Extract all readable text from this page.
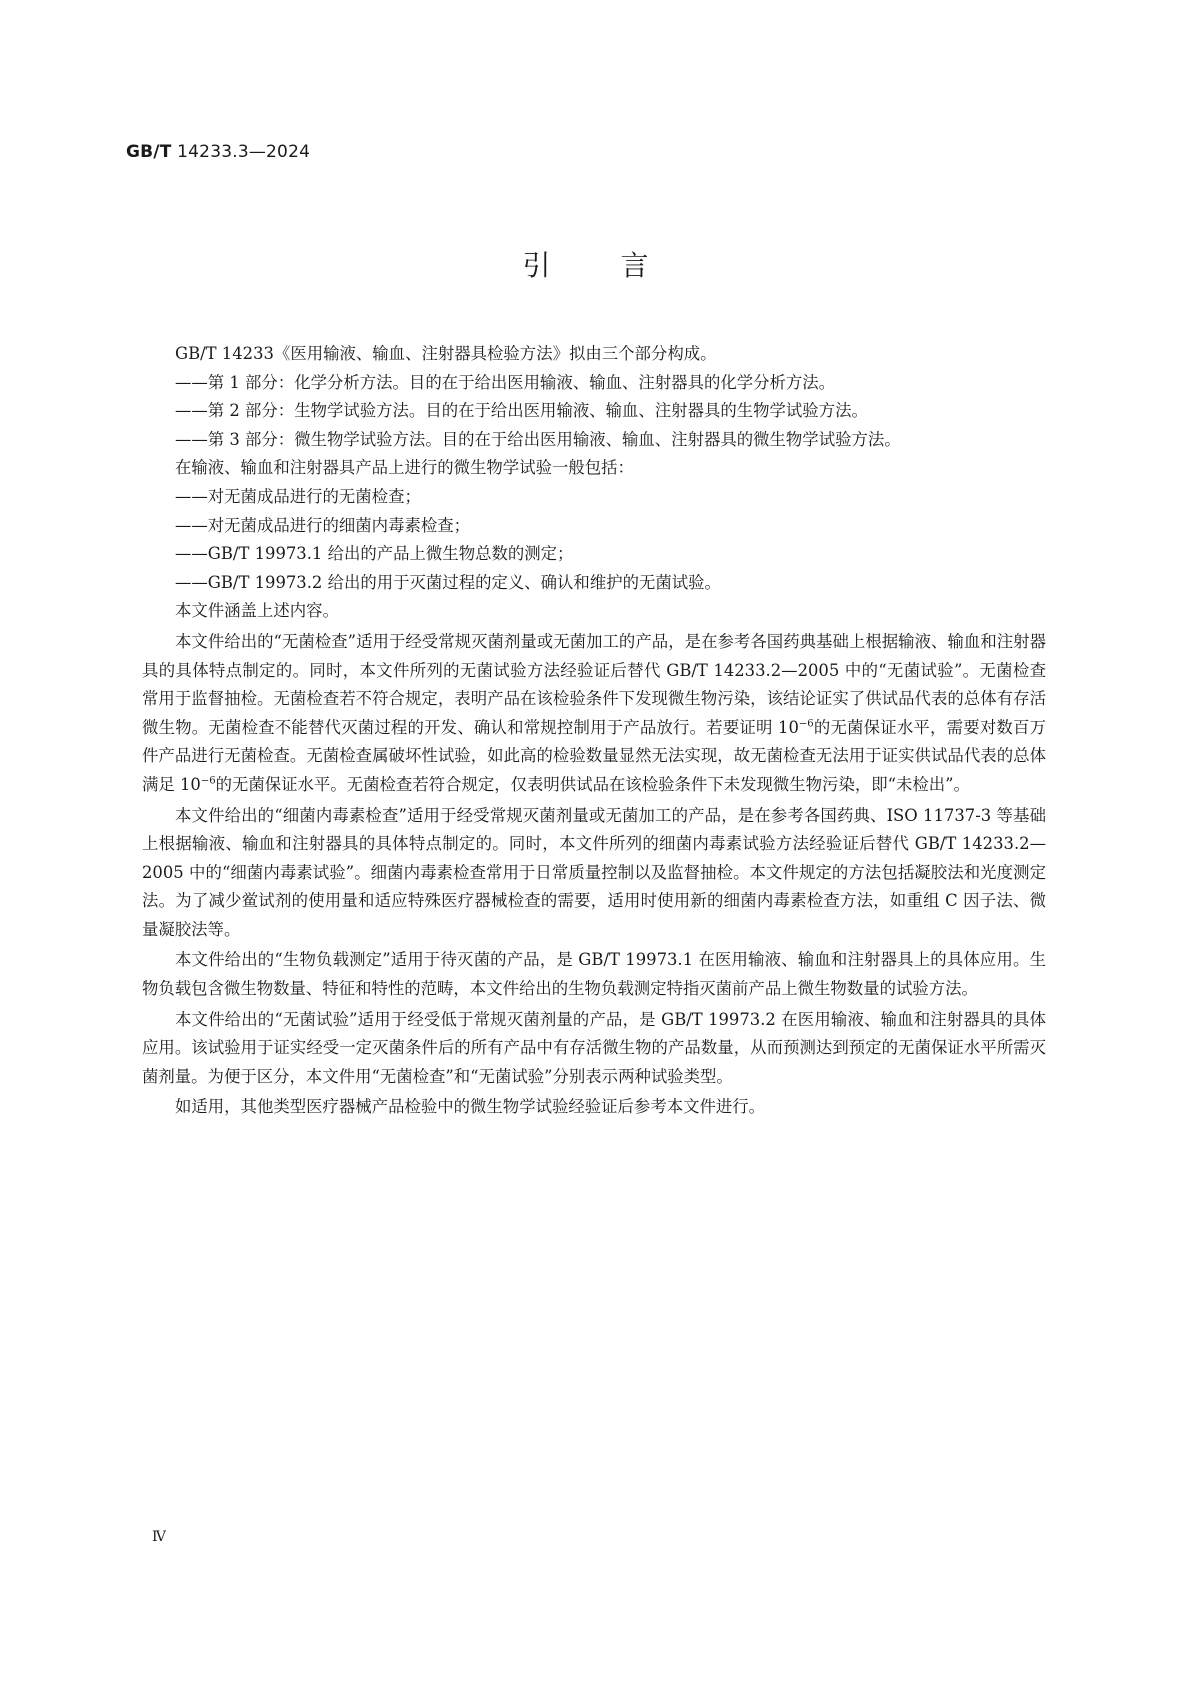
GB/T 14233.3—2024
引言

GB/T 14233《医用输液、输血、注射器具检验方法》拟由三个部分构成。

——第 1 部分：化学分析方法。目的在于给出医用输液、输血、注射器具的化学分析方法。

——第 2 部分：生物学试验方法。目的在于给出医用输液、输血、注射器具的生物学试验方法。

——第 3 部分：微生物学试验方法。目的在于给出医用输液、输血、注射器具的微生物学试验方法。

在输液、输血和注射器具产品上进行的微生物学试验一般包括：

——对无菌成品进行的无菌检查；

——对无菌成品进行的细菌内毒素检查；

——GB/T 19973.1 给出的产品上微生物总数的测定；

——GB/T 19973.2 给出的用于灭菌过程的定义、确认和维护的无菌试验。

本文件涵盖上述内容。

本文件给出的“无菌检查”适用于经受常规灭菌剂量或无菌加工的产品，是在参考各国药典基础上根据输液、输血和注射器具的具体特点制定的。同时，本文件所列的无菌试验方法经验证后替代 GB/T 14233.2—2005 中的“无菌试验”。无菌检查常用于监督抽检。无菌检查若不符合规定，表明产品在该检验条件下发现微生物污染，该结论证实了供试品代表的总体有存活微生物。无菌检查不能替代灭菌过程的开发、确认和常规控制用于产品放行。若要证明 $10^{-6}$的无菌保证水平，需要对数百万件产品进行无菌检查。无菌检查属破坏性试验，如此高的检验数量显然无法实现，故无菌检查无法用于证实供试品代表的总体满足 $10^{-6}$的无菌保证水平。无菌检查若符合规定，仅表明供试品在该检验条件下未发现微生物污染，即“未检出”。

本文件给出的“细菌内毒素检查”适用于经受常规灭菌剂量或无菌加工的产品，是在参考各国药典、ISO 11737-3 等基础上根据输液、输血和注射器具的具体特点制定的。同时，本文件所列的细菌内毒素试验方法经验证后替代 GB/T 14233.2—2005 中的“细菌内毒素试验”。细菌内毒素检查常用于日常质量控制以及监督抽检。本文件规定的方法包括凝胶法和光度测定法。为了减少鲎试剂的使用量和适应特殊医疗器械检查的需要，适用时使用新的细菌内毒素检查方法，如重组 C 因子法、微量凝胶法等。

本文件给出的“生物负载测定”适用于待灭菌的产品，是 GB/T 19973.1 在医用输液、输血和注射器具上的具体应用。生物负载包含微生物数量、特征和特性的范畴，本文件给出的生物负载测定特指灭菌前产品上微生物数量的试验方法。

本文件给出的“无菌试验”适用于经受低于常规灭菌剂量的产品，是 GB/T 19973.2 在医用输液、输血和注射器具的具体应用。该试验用于证实经受一定灭菌条件后的所有产品中有存活微生物的产品数量，从而预测达到预定的无菌保证水平所需灭菌剂量。为便于区分，本文件用“无菌检查”和“无菌试验”分别表示两种试验类型。

如适用，其他类型医疗器械产品检验中的微生物学试验经验证后参考本文件进行。

Ⅳ
